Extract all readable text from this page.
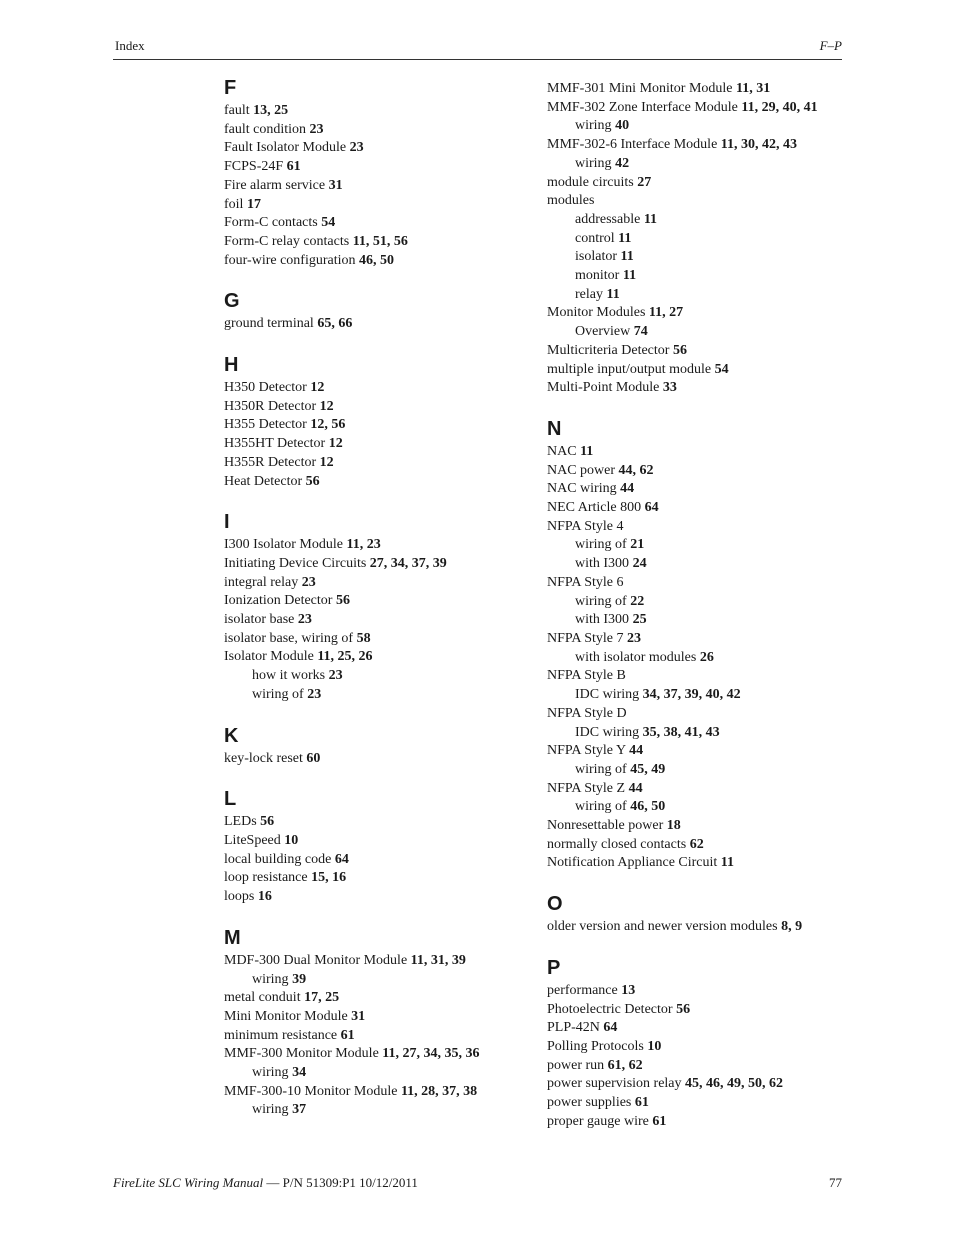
Index	F–P
F
fault 13, 25
fault condition 23
Fault Isolator Module 23
FCPS-24F 61
Fire alarm service 31
foil 17
Form-C contacts 54
Form-C relay contacts 11, 51, 56
four-wire configuration 46, 50
G
ground terminal 65, 66
H
H350 Detector 12
H350R Detector 12
H355 Detector 12, 56
H355HT Detector 12
H355R Detector 12
Heat Detector 56
I
I300 Isolator Module 11, 23
Initiating Device Circuits 27, 34, 37, 39
integral relay 23
Ionization Detector 56
isolator base 23
isolator base, wiring of 58
Isolator Module 11, 25, 26
how it works 23
wiring of 23
K
key-lock reset 60
L
LEDs 56
LiteSpeed 10
local building code 64
loop resistance 15, 16
loops 16
M
MDF-300 Dual Monitor Module 11, 31, 39
wiring 39
metal conduit 17, 25
Mini Monitor Module 31
minimum resistance 61
MMF-300 Monitor Module 11, 27, 34, 35, 36
wiring 34
MMF-300-10 Monitor Module 11, 28, 37, 38
wiring 37
MMF-301 Mini Monitor Module 11, 31
MMF-302 Zone Interface Module 11, 29, 40, 41
wiring 40
MMF-302-6 Interface Module 11, 30, 42, 43
wiring 42
module circuits 27
modules
addressable 11
control 11
isolator 11
monitor 11
relay 11
Monitor Modules 11, 27
Overview 74
Multicriteria Detector 56
multiple input/output module 54
Multi-Point Module 33
N
NAC 11
NAC power 44, 62
NAC wiring 44
NEC Article 800 64
NFPA Style 4
wiring of 21
with I300 24
NFPA Style 6
wiring of 22
with I300 25
NFPA Style 7 23
with isolator modules 26
NFPA Style B
IDC wiring 34, 37, 39, 40, 42
NFPA Style D
IDC wiring 35, 38, 41, 43
NFPA Style Y 44
wiring of 45, 49
NFPA Style Z 44
wiring of 46, 50
Nonresettable power 18
normally closed contacts 62
Notification Appliance Circuit 11
O
older version and newer version modules 8, 9
P
performance 13
Photoelectric Detector 56
PLP-42N 64
Polling Protocols 10
power run 61, 62
power supervision relay 45, 46, 49, 50, 62
power supplies 61
proper gauge wire 61
FireLite SLC Wiring Manual — P/N 51309:P1 10/12/2011	77
